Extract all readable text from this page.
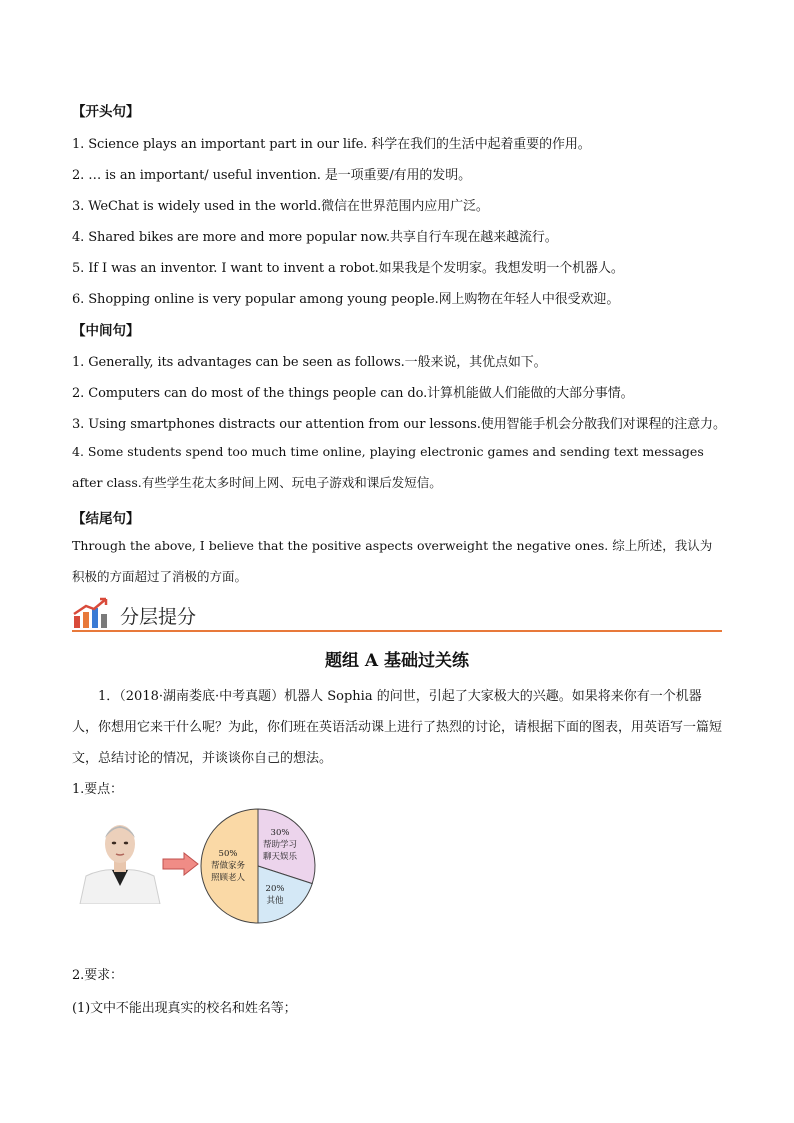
【开头句】
1. Science plays an important part in our life. 科学在我们的生活中起着重要的作用。
2. … is an important/ useful invention. 是一项重要/有用的发明。
3. WeChat is widely used in the world.微信在世界范围内应用广泛。
4. Shared bikes are more and more popular now.共享自行车现在越来越流行。
5. If I was an inventor. I want to invent a robot.如果我是个发明家。我想发明一个机器人。
6. Shopping online is very popular among young people.网上购物在年轻人中很受欢迎。
【中间句】
1. Generally, its advantages can be seen as follows.一般来说，其优点如下。
2. Computers can do most of the things people can do.计算机能做人们能做的大部分事情。
3. Using smartphones distracts our attention from our lessons.使用智能手机会分散我们对课程的注意力。
4. Some students spend too much time online, playing electronic games and sending text messages after class.有些学生花太多时间上网、玩电子游戏和课后发短信。
【结尾句】
Through the above, I believe that the positive aspects overweight the negative ones. 综上所述，我认为积极的方面超过了消极的方面。
分层提分
题组 A 基础过关练
1．（2018·湖南娄底·中考真题）机器人 Sophia 的问世，引起了大家极大的兴趣。如果将来你有一个机器人，你想用它来干什么呢？为此，你们班在英语活动课上进行了热烈的讨论，请根据下面的图表，用英语写一篇短文，总结讨论的情况，并谈谈你自己的想法。
1.要点：
50%
帮做家务
照顾老人
30%
帮助学习
聊天娱乐
20%
其他
2.要求：
(1)文中不能出现真实的校名和姓名等；
